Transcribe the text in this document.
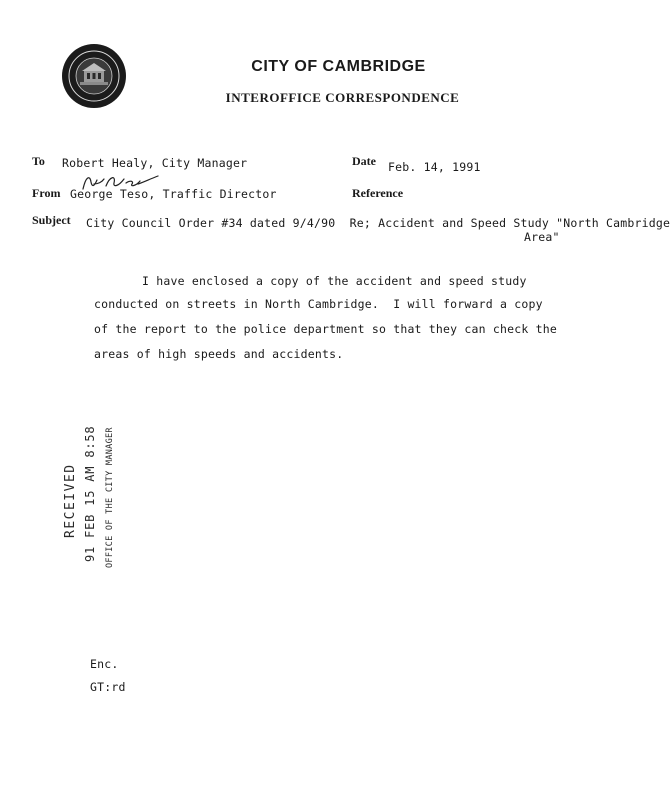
CITY OF CAMBRIDGE
INTEROFFICE CORRESPONDENCE
To Robert Healy, City Manager	Date Feb. 14, 1991
From George Teso, Traffic Director	Reference
Subject City Council Order #34 dated 9/4/90  Re; Accident and Speed Study "North Cambridge
Area"
I have enclosed a copy of the accident and speed study
conducted on streets in North Cambridge.  I will forward a copy
of the report to the police department so that they can check the
areas of high speeds and accidents.
RECEIVED 91 FEB 15 AM 8:58 OFFICE OF THE CITY MANAGER
Enc.
GT:rd
